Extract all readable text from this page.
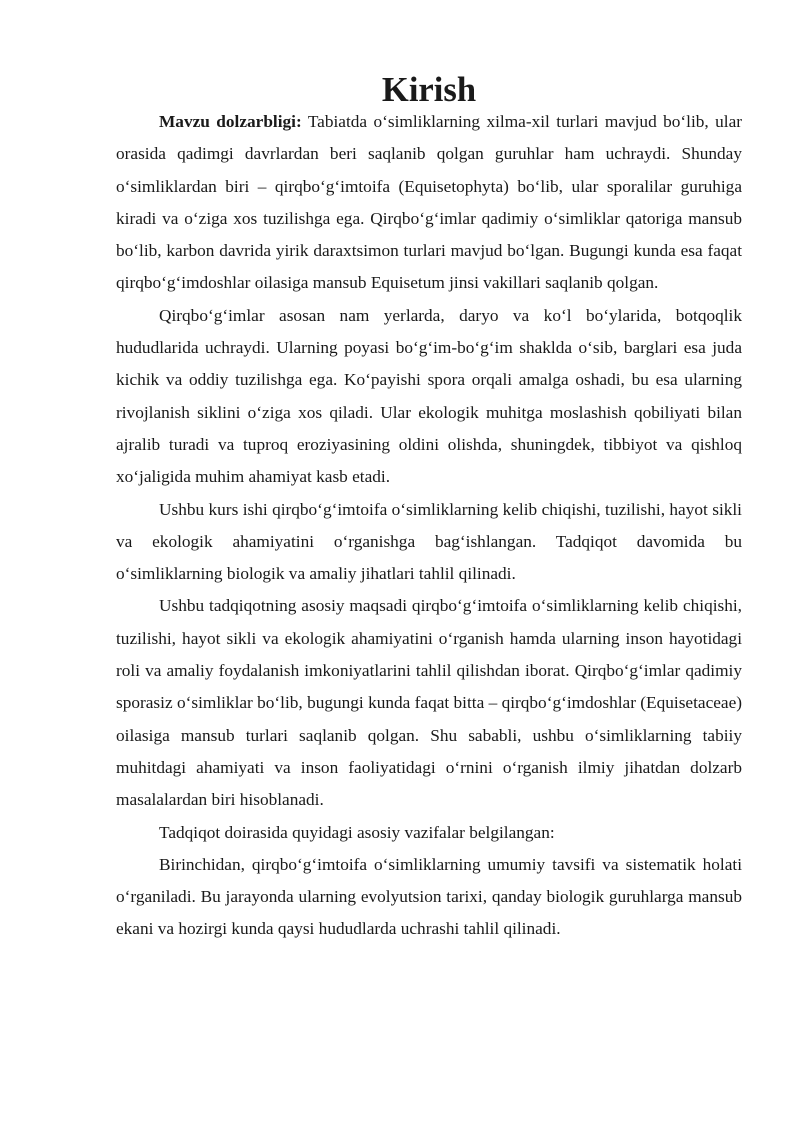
Kirish

Mavzu dolzarbligi: Tabiatda o‘simliklarning xilma-xil turlari mavjud bo‘lib, ular orasida qadimgi davrlardan beri saqlanib qolgan guruhlar ham uchraydi. Shunday o‘simliklardan biri – qirqbo‘g‘imtoifa (Equisetophyta) bo‘lib, ular sporalilar guruhiga kiradi va o‘ziga xos tuzilishga ega. Qirqbo‘g‘imlar qadimiy o‘simliklar qatoriga mansub bo‘lib, karbon davrida yirik daraxtsimon turlari mavjud bo‘lgan. Bugungi kunda esa faqat qirqbo‘g‘imdoshlar oilasiga mansub Equisetum jinsi vakillari saqlanib qolgan.

Qirqbo‘g‘imlar asosan nam yerlarda, daryo va ko‘l bo‘ylarida, botqoqlik hududlarida uchraydi. Ularning poyasi bo‘g‘im-bo‘g‘im shaklda o‘sib, barglari esa juda kichik va oddiy tuzilishga ega. Ko‘payishi spora orqali amalga oshadi, bu esa ularning rivojlanish siklini o‘ziga xos qiladi. Ular ekologik muhitga moslashish qobiliyati bilan ajralib turadi va tuproq eroziyasining oldini olishda, shuningdek, tibbiyot va qishloq xo‘jaligida muhim ahamiyat kasb etadi.

Ushbu kurs ishi qirqbo‘g‘imtoifa o‘simliklarning kelib chiqishi, tuzilishi, hayot sikli va ekologik ahamiyatini o‘rganishga bag‘ishlangan. Tadqiqot davomida bu o‘simliklarning biologik va amaliy jihatlari tahlil qilinadi.

Ushbu tadqiqotning asosiy maqsadi qirqbo‘g‘imtoifa o‘simliklarning kelib chiqishi, tuzilishi, hayot sikli va ekologik ahamiyatini o‘rganish hamda ularning inson hayotidagi roli va amaliy foydalanish imkoniyatlarini tahlil qilishdan iborat. Qirqbo‘g‘imlar qadimiy sporasiz o‘simliklar bo‘lib, bugungi kunda faqat bitta – qirqbo‘g‘imdoshlar (Equisetaceae) oilasiga mansub turlari saqlanib qolgan. Shu sababli, ushbu o‘simliklarning tabiiy muhitdagi ahamiyati va inson faoliyatidagi o‘rnini o‘rganish ilmiy jihatdan dolzarb masalalardan biri hisoblanadi.

Tadqiqot doirasida quyidagi asosiy vazifalar belgilangan:

Birinchidan, qirqbo‘g‘imtoifa o‘simliklarning umumiy tavsifi va sistematik holati o‘rganiladi. Bu jarayonda ularning evolyutsion tarixi, qanday biologik guruhlarga mansub ekani va hozirgi kunda qaysi hududlarda uchrashi tahlil qilinadi.
